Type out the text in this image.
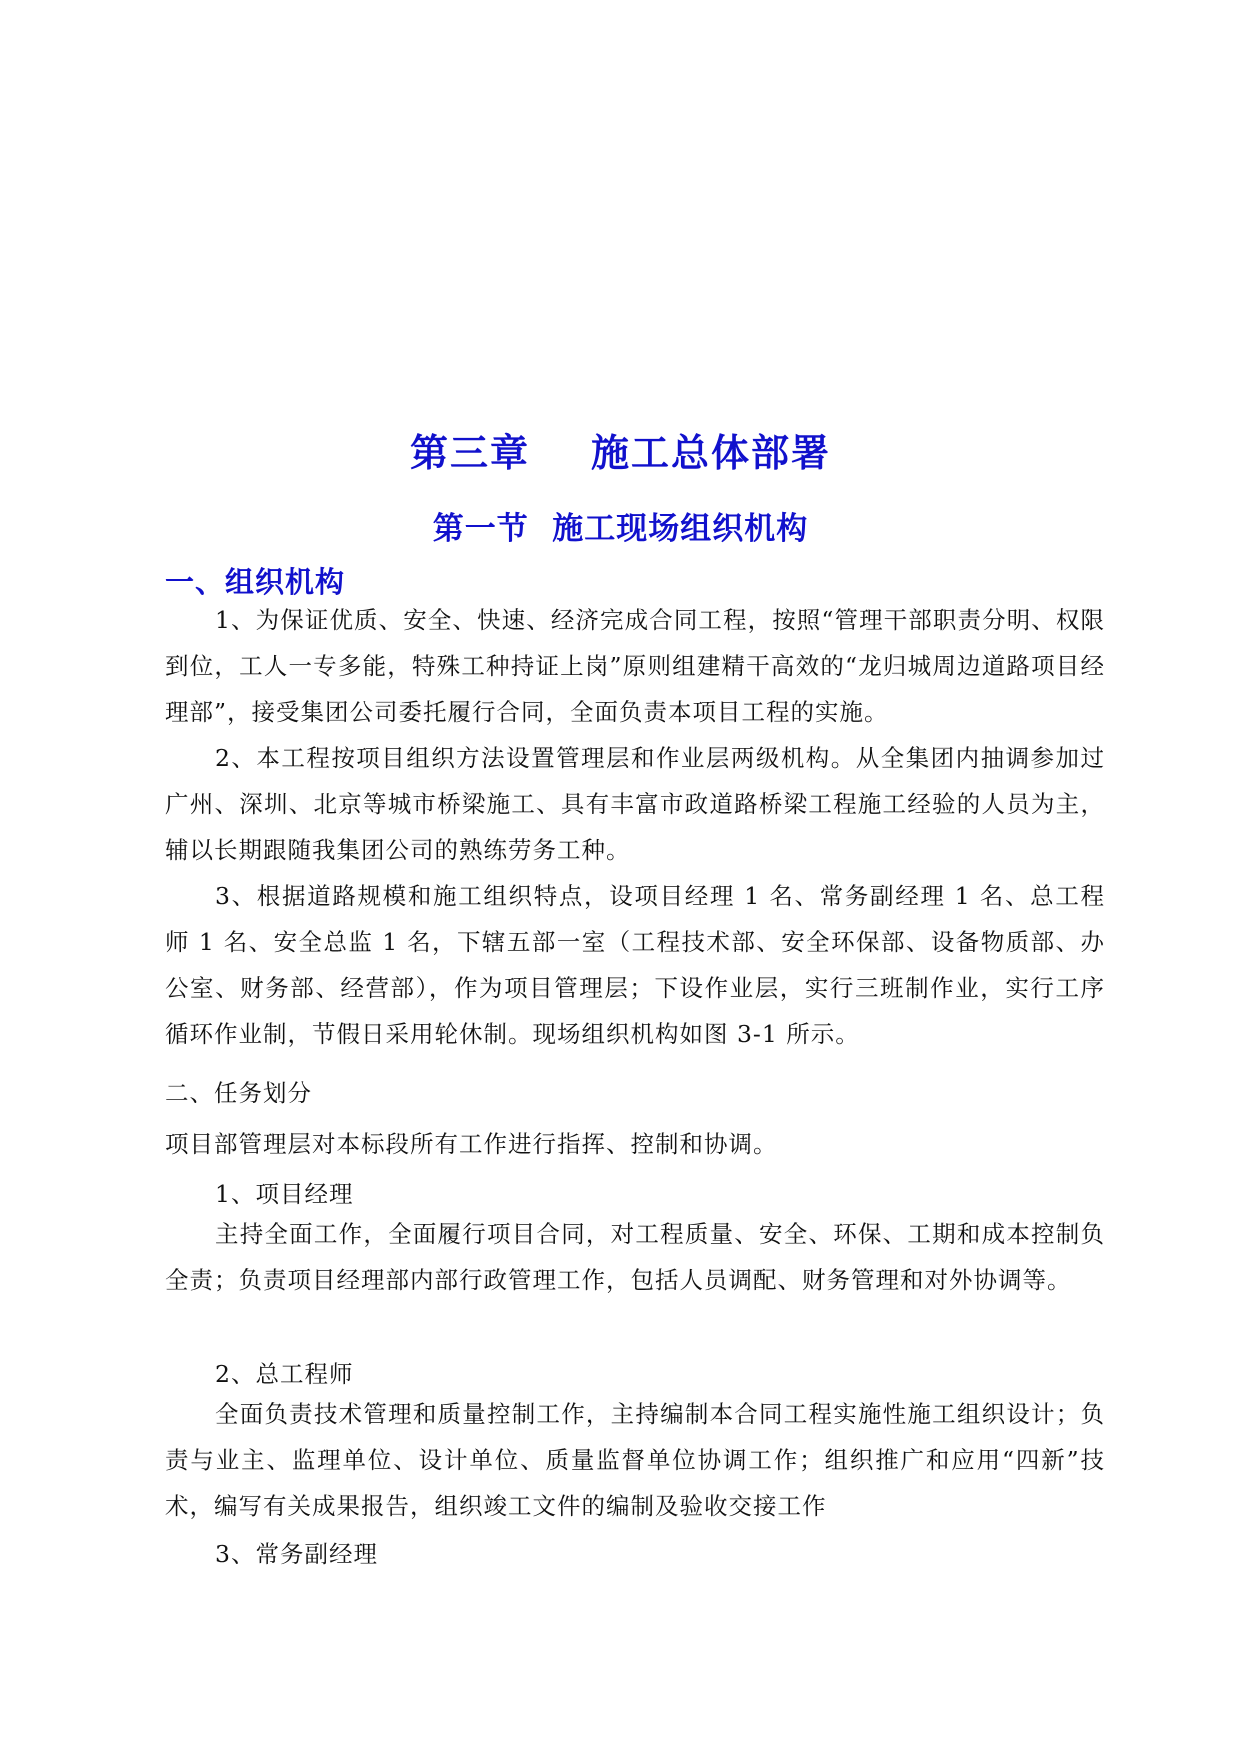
第三章    施工总体部署
第一节  施工现场组织机构
一、组织机构
1、为保证优质、安全、快速、经济完成合同工程，按照“管理干部职责分明、权限到位，工人一专多能，特殊工种持证上岗”原则组建精干高效的“龙归城周边道路项目经理部”，接受集团公司委托履行合同，全面负责本项目工程的实施。
2、本工程按项目组织方法设置管理层和作业层两级机构。从全集团内抽调参加过广州、深圳、北京等城市桥梁施工、具有丰富市政道路桥梁工程施工经验的人员为主，辅以长期跟随我集团公司的熟练劳务工种。
3、根据道路规模和施工组织特点，设项目经理 1 名、常务副经理 1 名、总工程师 1 名、安全总监 1 名，下辖五部一室（工程技术部、安全环保部、设备物质部、办公室、财务部、经营部），作为项目管理层；下设作业层，实行三班制作业，实行工序循环作业制，节假日采用轮休制。现场组织机构如图 3-1 所示。
二、任务划分
项目部管理层对本标段所有工作进行指挥、控制和协调。
1、项目经理
主持全面工作，全面履行项目合同，对工程质量、安全、环保、工期和成本控制负全责；负责项目经理部内部行政管理工作，包括人员调配、财务管理和对外协调等。
2、总工程师
全面负责技术管理和质量控制工作，主持编制本合同工程实施性施工组织设计；负责与业主、监理单位、设计单位、质量监督单位协调工作；组织推广和应用“四新”技术，编写有关成果报告，组织竣工文件的编制及验收交接工作
3、常务副经理
